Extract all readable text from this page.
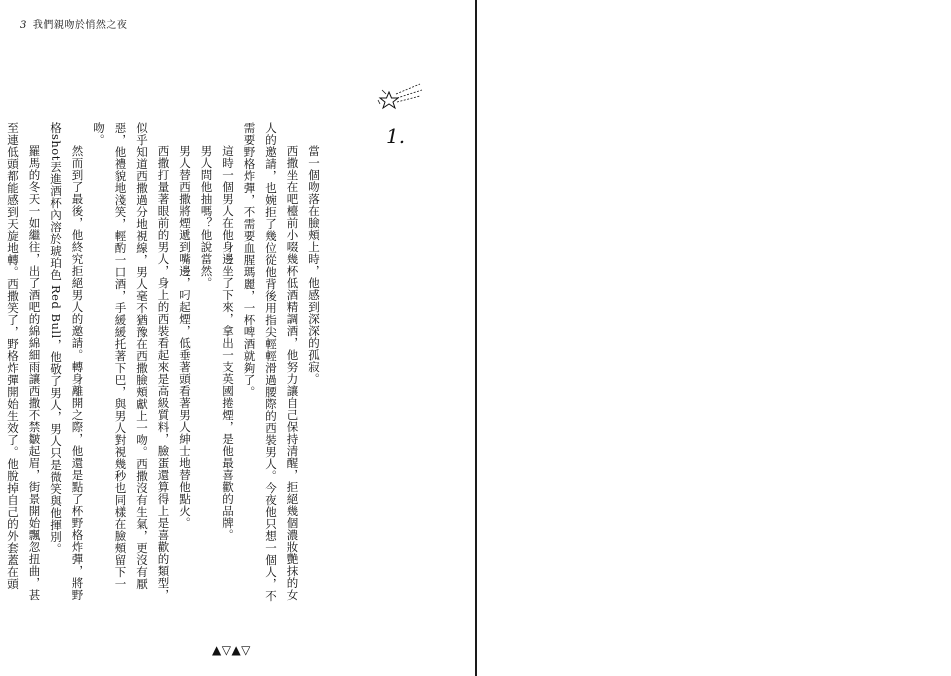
3 我們親吻於悄然之夜
1.

當一個吻落在臉頰上時，他感到深深的孤寂。

西撒坐在吧檯前小啜幾杯低酒精調酒，他努力讓自己保持清醒，拒絕幾個濃妝艷抹的女人的邀請，也婉拒了幾位從他背後用指尖輕輕滑過腰際的西裝男人。今夜他只想一個人，不需要野格炸彈，不需要血腥瑪麗，一杯啤酒就夠了。

這時一個男人在他身邊坐了下來，拿出一支英國捲煙，是他最喜歡的品牌。

男人問他抽嗎？他說當然。

男人替西撒將煙遞到嘴邊，叼起煙，低垂著頭看著男人紳士地替他點火。

西撒打量著眼前的男人，身上的西裝看起來是高級質料，臉蛋還算得上是喜歡的類型，似乎知道西撒過分地視線，男人毫不猶豫在西撒臉頰獻上一吻。西撒沒有生氣，更沒有厭惡，他禮貌地淺笑，輕酌一口酒，手緩緩托著下巴，與男人對視幾秒也同樣在臉頰留下一吻。

然而到了最後，他終究拒絕男人的邀請。轉身離開之際，他還是點了杯野格炸彈，將野格shot丟進酒杯內溶於琥珀色 Red Bull，他敬了男人，男人只是微笑與他揮別。

羅馬的冬天一如繼往，出了酒吧的綿綿細雨讓西撒不禁皺起眉，街景開始飄忽扭曲，甚至連低頭都能感到天旋地轉。西撒笑了，野格炸彈開始生效了。他脫掉自己的外套蓋在頭

▲▽▲▽
